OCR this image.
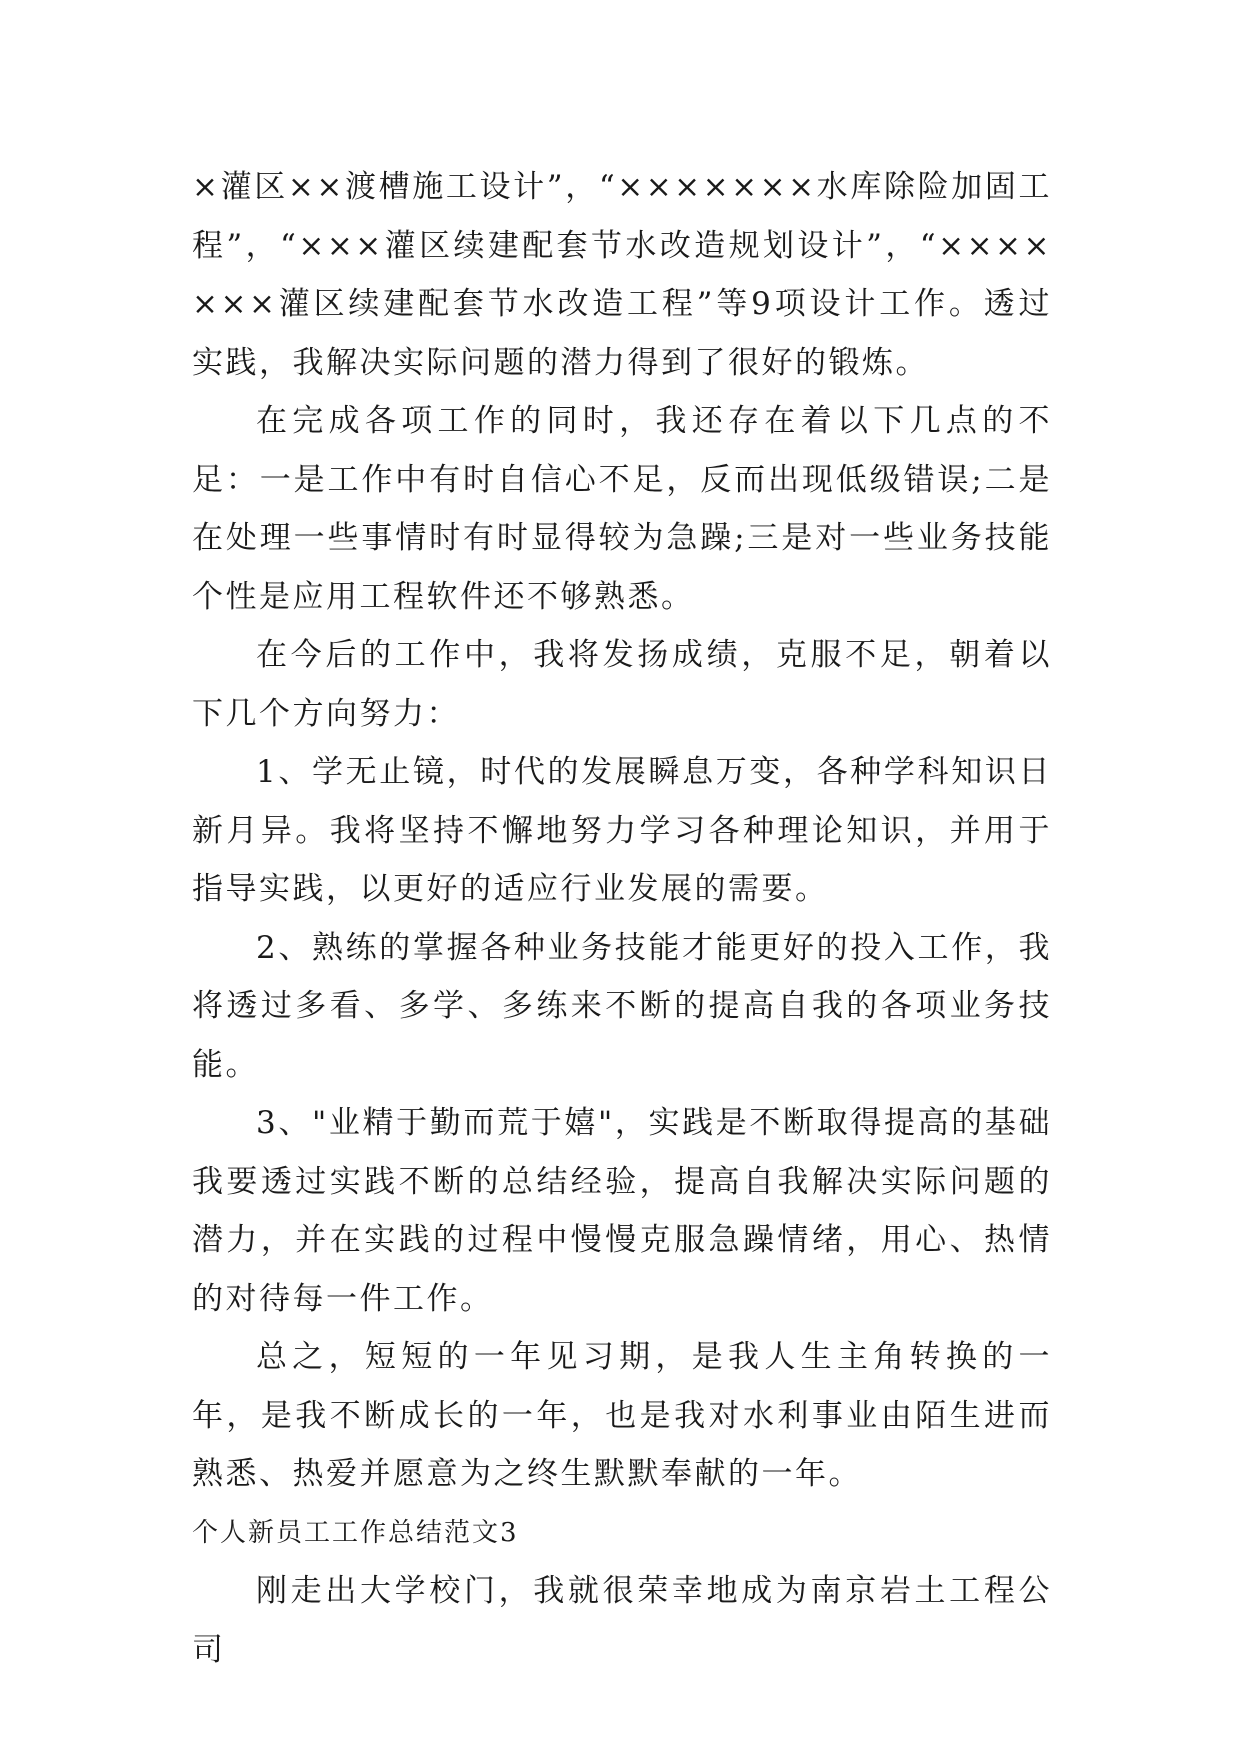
×灌区××渡槽施工设计”，“×××××××水库除险加固工程”，“×××灌区续建配套节水改造规划设计”，“×××××××灌区续建配套节水改造工程”等9项设计工作。透过实践，我解决实际问题的潜力得到了很好的锻炼。

在完成各项工作的同时，我还存在着以下几点的不足：一是工作中有时自信心不足，反而出现低级错误;二是在处理一些事情时有时显得较为急躁;三是对一些业务技能个性是应用工程软件还不够熟悉。

在今后的工作中，我将发扬成绩，克服不足，朝着以下几个方向努力：

1、学无止镜，时代的发展瞬息万变，各种学科知识日新月异。我将坚持不懈地努力学习各种理论知识，并用于指导实践，以更好的适应行业发展的需要。

2、熟练的掌握各种业务技能才能更好的投入工作，我将透过多看、多学、多练来不断的提高自我的各项业务技能。

3、"业精于勤而荒于嬉"，实践是不断取得提高的基础我要透过实践不断的总结经验，提高自我解决实际问题的潜力，并在实践的过程中慢慢克服急躁情绪，用心、热情的对待每一件工作。

总之，短短的一年见习期，是我人生主角转换的一年，是我不断成长的一年，也是我对水利事业由陌生进而熟悉、热爱并愿意为之终生默默奉献的一年。

个人新员工工作总结范文3

刚走出大学校门，我就很荣幸地成为南京岩土工程公司
